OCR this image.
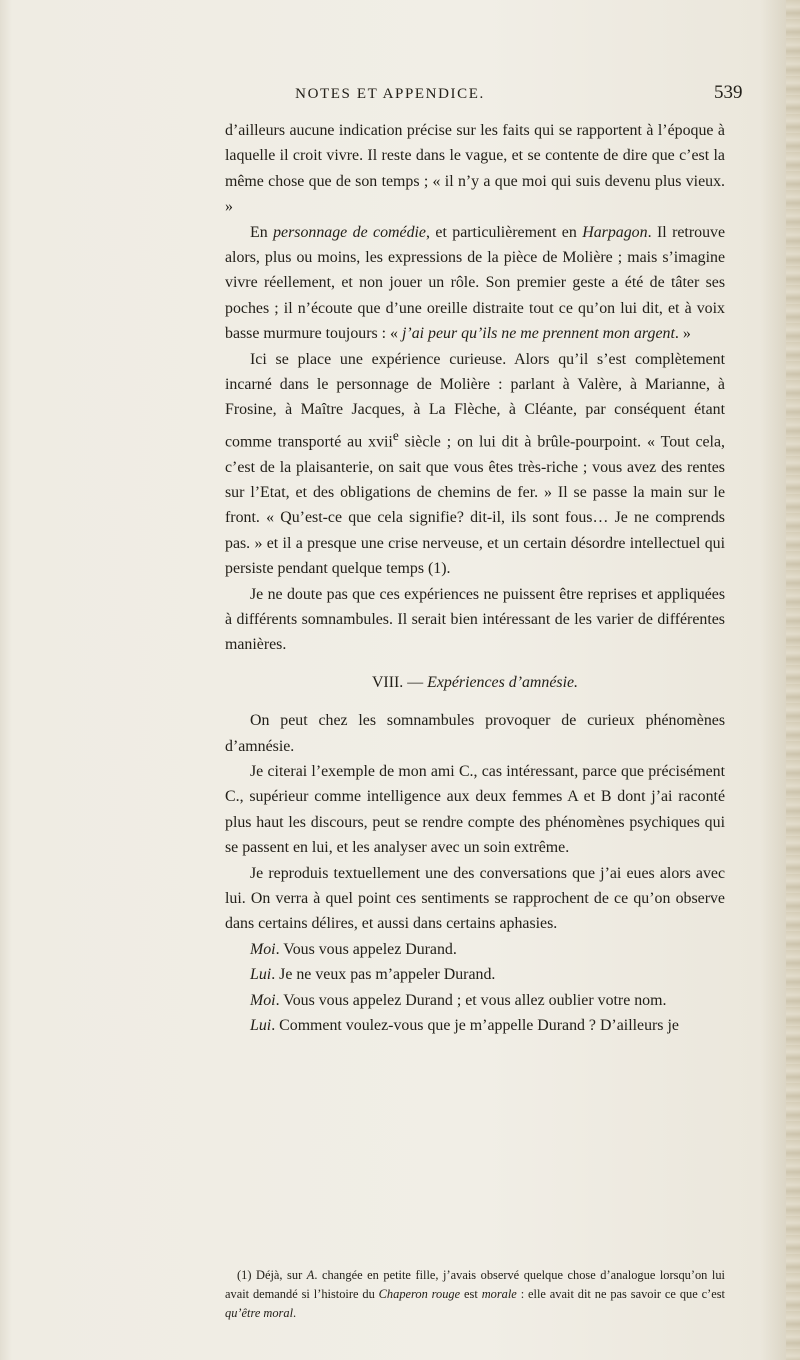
NOTES ET APPENDICE.	539

d’ailleurs aucune indication précise sur les faits qui se rapportent à l’époque à laquelle il croit vivre. Il reste dans le vague, et se contente de dire que c’est la même chose que de son temps ; « il n’y a que moi qui suis devenu plus vieux. »

En personnage de comédie, et particulièrement en Harpagon. Il retrouve alors, plus ou moins, les expressions de la pièce de Molière ; mais s’imagine vivre réellement, et non jouer un rôle. Son premier geste a été de tâter ses poches ; il n’écoute que d’une oreille distraite tout ce qu’on lui dit, et à voix basse murmure toujours : « j’ai peur qu’ils ne me prennent mon argent. »

Ici se place une expérience curieuse. Alors qu’il s’est complètement incarné dans le personnage de Molière : parlant à Valère, à Marianne, à Frosine, à Maître Jacques, à La Flèche, à Cléante, par conséquent étant comme transporté au xvii$^e$ siècle ; on lui dit à brûle-pourpoint. « Tout cela, c’est de la plaisanterie, on sait que vous êtes très-riche ; vous avez des rentes sur l’Etat, et des obligations de chemins de fer. » Il se passe la main sur le front. « Qu’est-ce que cela signifie? dit-il, ils sont fous… Je ne comprends pas. » et il a presque une crise nerveuse, et un certain désordre intellectuel qui persiste pendant quelque temps (1).

Je ne doute pas que ces expériences ne puissent être reprises et appliquées à différents somnambules. Il serait bien intéressant de les varier de différentes manières.

VIII. — Expériences d’amnésie.

On peut chez les somnambules provoquer de curieux phénomènes d’amnésie.

Je citerai l’exemple de mon ami C., cas intéressant, parce que précisément C., supérieur comme intelligence aux deux femmes A et B dont j’ai raconté plus haut les discours, peut se rendre compte des phénomènes psychiques qui se passent en lui, et les analyser avec un soin extrême.

Je reproduis textuellement une des conversations que j’ai eues alors avec lui. On verra à quel point ces sentiments se rapprochent de ce qu’on observe dans certains délires, et aussi dans certains aphasies.

Moi. Vous vous appelez Durand.

Lui. Je ne veux pas m’appeler Durand.

Moi. Vous vous appelez Durand ; et vous allez oublier votre nom.

Lui. Comment voulez-vous que je m’appelle Durand ? D’ailleurs je

(1) Déjà, sur A. changée en petite fille, j’avais observé quelque chose d’analogue lorsqu’on lui avait demandé si l’histoire du Chaperon rouge est morale : elle avait dit ne pas savoir ce que c’est qu’être moral.
